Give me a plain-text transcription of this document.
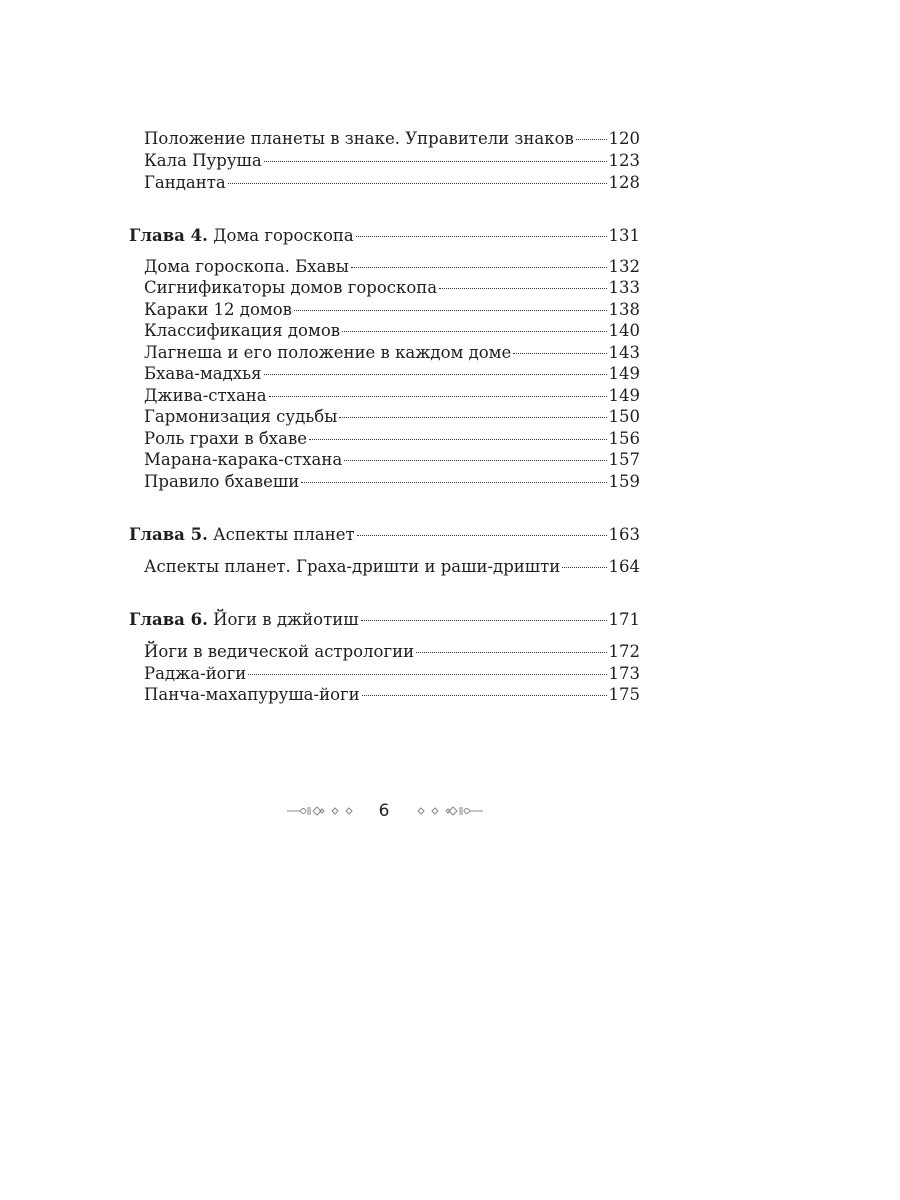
Положение планеты в знаке. Управители знаков 120
Кала Пуруша	123
Ганданта	128
Глава 4. Дома гороскопа	131
Дома гороскопа. Бхавы	132
Сигнификаторы домов гороскопа	133
Караки 12 домов	138
Классификация домов	140
Лагнеша и его положение в каждом доме	143
Бхава-мадхья	149
Джива-стхана	149
Гармонизация судьбы	150
Роль грахи в бхаве	156
Марана-карака-стхана	157
Правило бхавеши	159
Глава 5. Аспекты планет	163
Аспекты планет. Граха-дришти и раши-дришти	164
Глава 6. Йоги в джйотиш	171
Йоги в ведической астрологии	172
Раджа-йоги	173
Панча-махапуруша-йоги	175
6
